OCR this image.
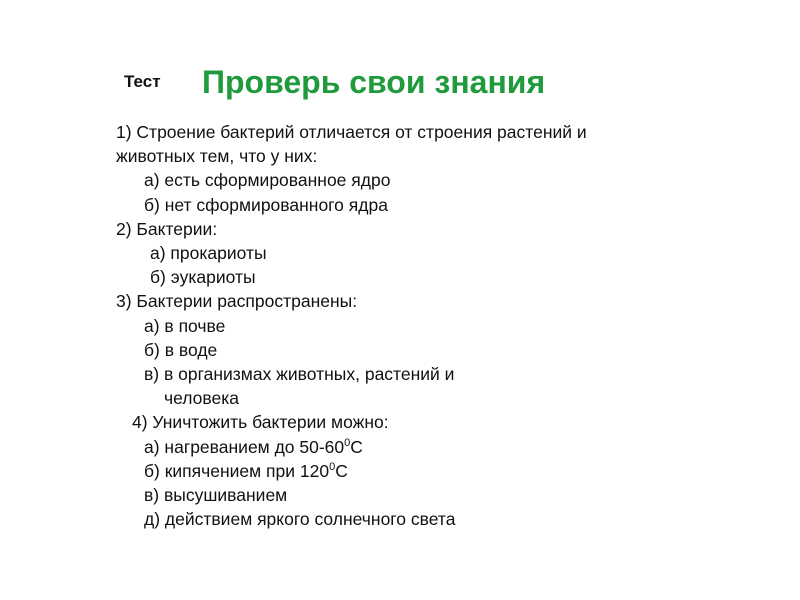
Тест Проверь свои знания
1) Строение бактерий отличается от строения растений и
животных тем, что у них:
а) есть сформированное ядро
б) нет сформированного ядра
2) Бактерии:
а) прокариоты
б) эукариоты
3) Бактерии распространены:
а) в почве
б) в воде
в) в организмах животных, растений и
человека
4) Уничтожить бактерии можно:
а) нагреванием до $50-60^0С$
б) кипячением при $120^0С$
в) высушиванием
д) действием яркого солнечного света
